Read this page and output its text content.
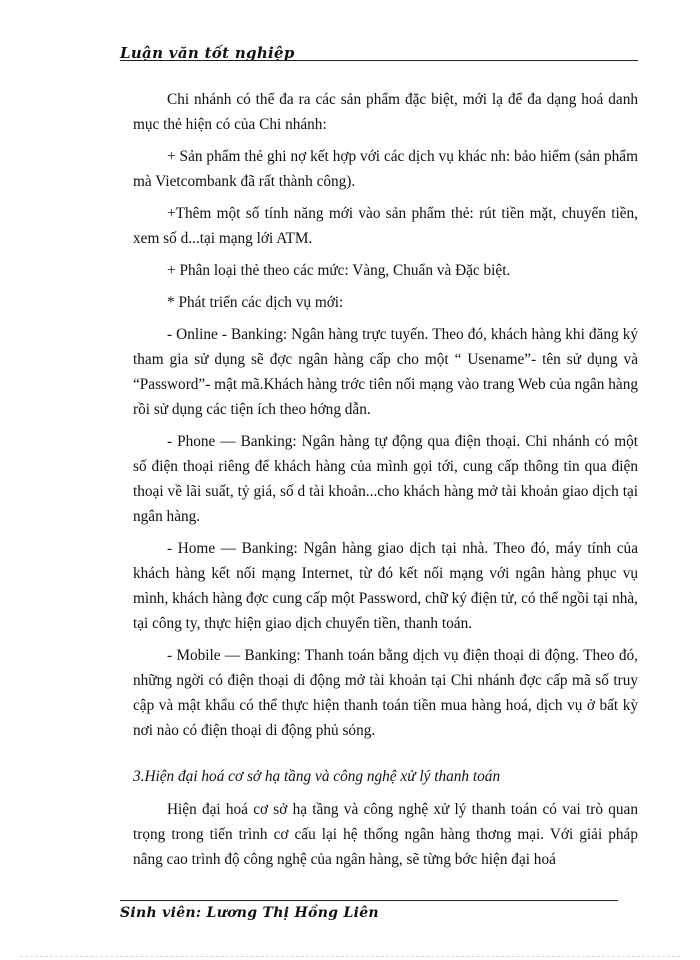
Luận văn tốt nghiệp

Chi nhánh có thể đa ra các sản phẩm đặc biệt, mới lạ để đa dạng hoá danh mục thẻ hiện có của Chi nhánh:

+ Sản phẩm thẻ ghi nợ kết hợp với các dịch vụ khác nh: bảo hiểm (sản phẩm mà Vietcombank đã rất thành công).

+Thêm một số tính năng mới vào sản phẩm thẻ: rút tiền mặt, chuyển tiền, xem số d...tại mạng lới ATM.

+ Phân loại thẻ theo các mức: Vàng, Chuẩn và Đặc biệt.

* Phát triển các dịch vụ mới:

- Online - Banking: Ngân hàng trực tuyến. Theo đó, khách hàng khi đăng ký tham gia sử dụng sẽ đợc ngân hàng cấp cho một “ Usename”- tên sử dụng và “Password”- mật mã.Khách hàng trớc tiên nối mạng vào trang Web của ngân hàng rồi sử dụng các tiện ích theo hớng dẫn.

- Phone — Banking: Ngân hàng tự động qua điện thoại. Chi nhánh có một số điện thoại riêng để khách hàng của mình gọi tới, cung cấp thông tin qua điện thoại về lãi suất, tỷ giá, số d tài khoản...cho khách hàng mở tài khoản giao dịch tại ngân hàng.

- Home — Banking: Ngân hàng giao dịch tại nhà. Theo đó, máy tính của khách hàng kết nối mạng Internet, từ đó kết nối mạng với ngân hàng phục vụ mình, khách hàng đợc cung cấp một Password, chữ ký điện tử, có thể ngồi tại nhà, tại công ty, thực hiện giao dịch chuyển tiền, thanh toán.

- Mobile — Banking: Thanh toán bằng dịch vụ điện thoại di động. Theo đó, những ngời có điện thoại di động mở tài khoản tại Chi nhánh đợc cấp mã số truy cập và mật khẩu có thể thực hiện thanh toán tiền mua hàng hoá, dịch vụ ở bất kỳ nơi nào có điện thoại di động phủ sóng.

3.Hiện đại hoá cơ sở hạ tầng và công nghệ xử lý thanh toán

Hiện đại hoá cơ sở hạ tầng và công nghệ xử lý thanh toán có vai trò quan trọng trong tiến trình cơ cấu lại hệ thống ngân hàng thơng mại. Với giải pháp nâng cao trình độ công nghệ của ngân hàng, sẽ từng bớc hiện đại hoá

Sinh viên: Lương Thị Hồng Liên
